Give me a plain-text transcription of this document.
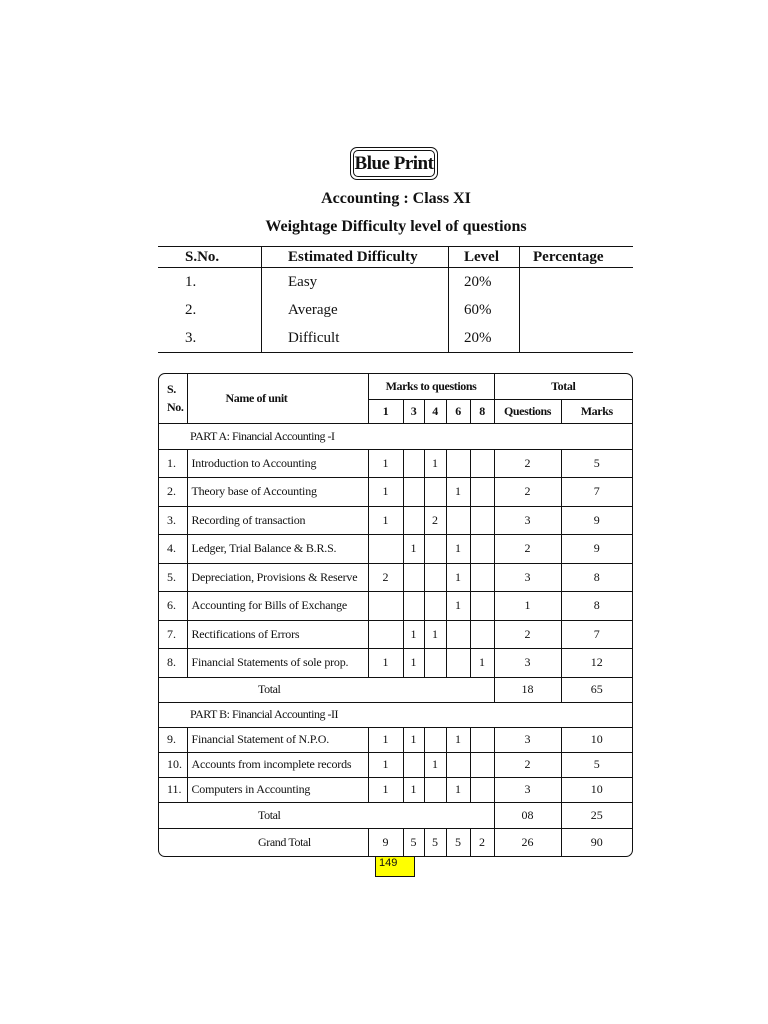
Blue Print
Accounting : Class XI
Weightage Difficulty level of questions
S.No.	Estimated Difficulty	Level	Percentage
1.	Easy	20%	
2.	Average	60%	
3.	Difficult	20%	
S.
No.	Name of unit	Marks to questions					Total	
		1	3	4	6	8	Questions	Marks
PART A: Financial Accounting -I								
1.	Introduction to Accounting	1		1			2	5
2.	Theory base of Accounting	1			1		2	7
3.	Recording of transaction	1		2			3	9
4.	Ledger, Trial Balance & B.R.S.		1		1		2	9
5.	Depreciation, Provisions & Reserve	2			1		3	8
6.	Accounting for Bills of Exchange				1		1	8
7.	Rectifications of Errors		1	1			2	7
8.	Financial Statements of sole prop.	1	1			1	3	12
Total							18	65
PART B: Financial Accounting -II								
9.	Financial Statement of N.P.O.	1	1		1		3	10
10.	Accounts from incomplete records	1		1			2	5
11.	Computers in Accounting	1	1		1		3	10
Total							08	25
Grand Total		9	5	5	5	2	26	90
149
